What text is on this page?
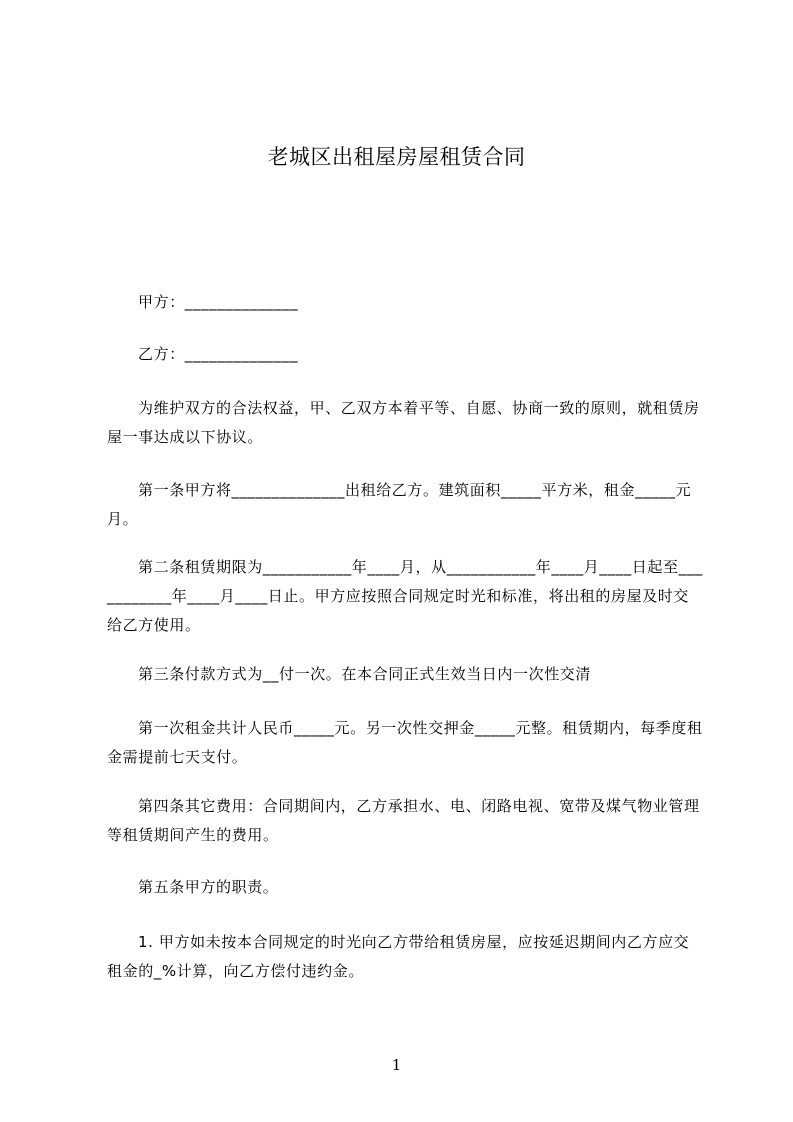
老城区出租屋房屋租赁合同
甲方：______________
乙方：______________
为维护双方的合法权益，甲、乙双方本着平等、自愿、协商一致的原则，就租赁房屋一事达成以下协议。
第一条甲方将______________出租给乙方。建筑面积_____平方米，租金_____元月。
第二条租赁期限为___________年____月，从___________年____月____日起至___________年____月____日止。甲方应按照合同规定时光和标准，将出租的房屋及时交给乙方使用。
第三条付款方式为__付一次。在本合同正式生效当日内一次性交清
第一次租金共计人民币_____元。另一次性交押金_____元整。租赁期内，每季度租金需提前七天支付。
第四条其它费用：合同期间内，乙方承担水、电、闭路电视、宽带及煤气物业管理等租赁期间产生的费用。
第五条甲方的职责。
1. 甲方如未按本合同规定的时光向乙方带给租赁房屋，应按延迟期间内乙方应交租金的_%计算，向乙方偿付违约金。
1
